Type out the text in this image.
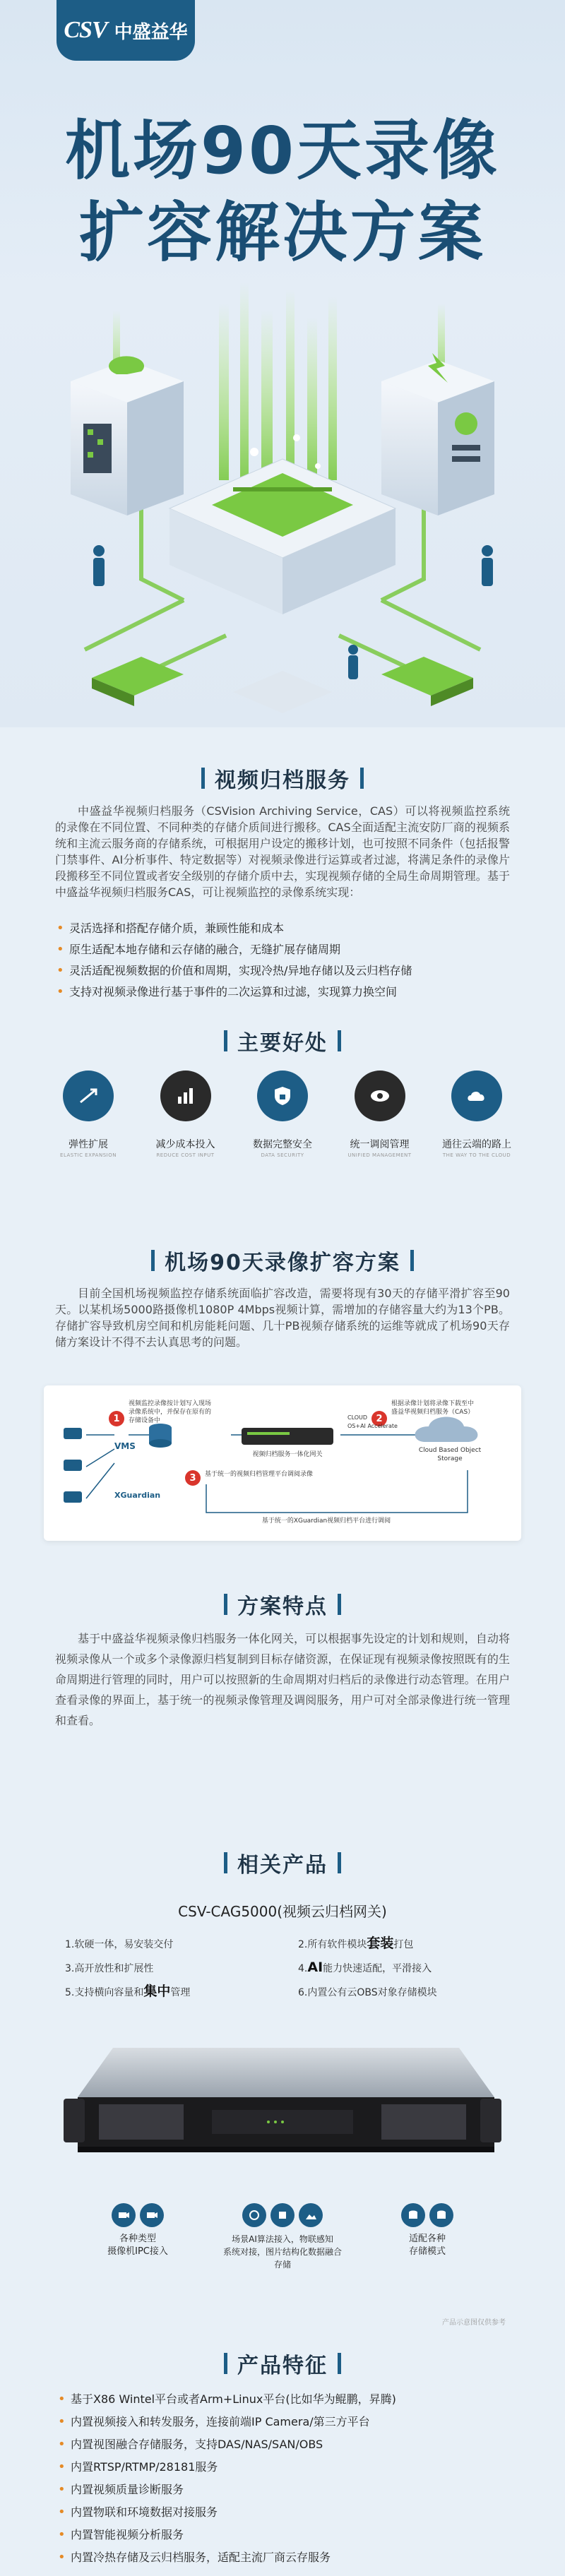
CSV 中盛益华
机场90天录像
扩容解决方案
视频归档服务

中盛益华视频归档服务（CSVision Archiving Service，CAS）可以将视频监控系统的录像在不同位置、不同种类的存储介质间进行搬移。CAS全面适配主流安防厂商的视频系统和主流云服务商的存储系统，可根据用户设定的搬移计划，也可按照不同条件（包括报警门禁事件、AI分析事件、特定数据等）对视频录像进行运算或者过滤，将满足条件的录像片段搬移至不同位置或者安全级别的存储介质中去，实现视频存储的全局生命周期管理。基于中盛益华视频归档服务CAS，可让视频监控的录像系统实现：

• 灵活选择和搭配存储介质，兼顾性能和成本
• 原生适配本地存储和云存储的融合，无缝扩展存储周期
• 灵活适配视频数据的价值和周期，实现冷热/异地存储以及云归档存储
• 支持对视频录像进行基于事件的二次运算和过滤，实现算力换空间
主要好处
弹性扩展
ELASTIC EXPANSION
减少成本投入
REDUCE COST INPUT
数据完整安全
DATA SECURITY
统一调阅管理
UNIFIED MANAGEMENT
通往云端的路上
THE WAY TO THE CLOUD
机场90天录像扩容方案

目前全国机场视频监控存储系统面临扩容改造，需要将现有30天的存储平滑扩容至90天。以某机场5000路摄像机1080P 4Mbps视频计算，需增加的存储容量大约为13个PB。存储扩容导致机房空间和机房能耗问题、几十PB视频存储系统的运维等就成了机场90天存储方案设计不得不去认真思考的问题。

1	2
3
视频监控录像按计划写入现场录像系统中，并保存在原有的存储设备中
根据录像计划将录像下载至中盛益华视频归档服务（CAS）
基于统一的视频归档管理平台调阅录像
VMS
XGuardian
Cloud Based Object Storage
视频归档服务一体化网关
CLOUD
OS+AI Accelerate
基于统一的XGuardian视频归档平台进行调阅
方案特点

基于中盛益华视频录像归档服务一体化网关，可以根据事先设定的计划和规则，自动将视频录像从一个或多个录像源归档复制到目标存储资源，在保证现有视频录像按照既有的生命周期进行管理的同时，用户可以按照新的生命周期对归档后的录像进行动态管理。在用户查看录像的界面上，基于统一的视频录像管理及调阅服务，用户可对全部录像进行统一管理和查看。

相关产品
CSV-CAG5000(视频云归档网关)
1.软硬一体，易安装交付	2.所有软件模块套装打包
3.高开放性和扩展性	4.AI能力快速适配，平滑接入
5.支持横向容量和集中管理	6.内置公有云OBS对象存储模块
各种类型
摄像机IPC接入
场景AI算法接入，物联感知
系统对接，图片结构化数据融合存储
适配各种
存储模式
产品示意图仅供参考
产品特征
• 基于X86 Wintel平台或者Arm+Linux平台(比如华为鲲鹏，昇腾)
• 内置视频接入和转发服务，连接前端IP Camera/第三方平台
• 内置视图融合存储服务，支持DAS/NAS/SAN/OBS
• 内置RTSP/RTMP/28181服务
• 内置视频质量诊断服务
• 内置物联和环境数据对接服务
• 内置智能视频分析服务
• 内置冷热存储及云归档服务，适配主流厂商云存服务
